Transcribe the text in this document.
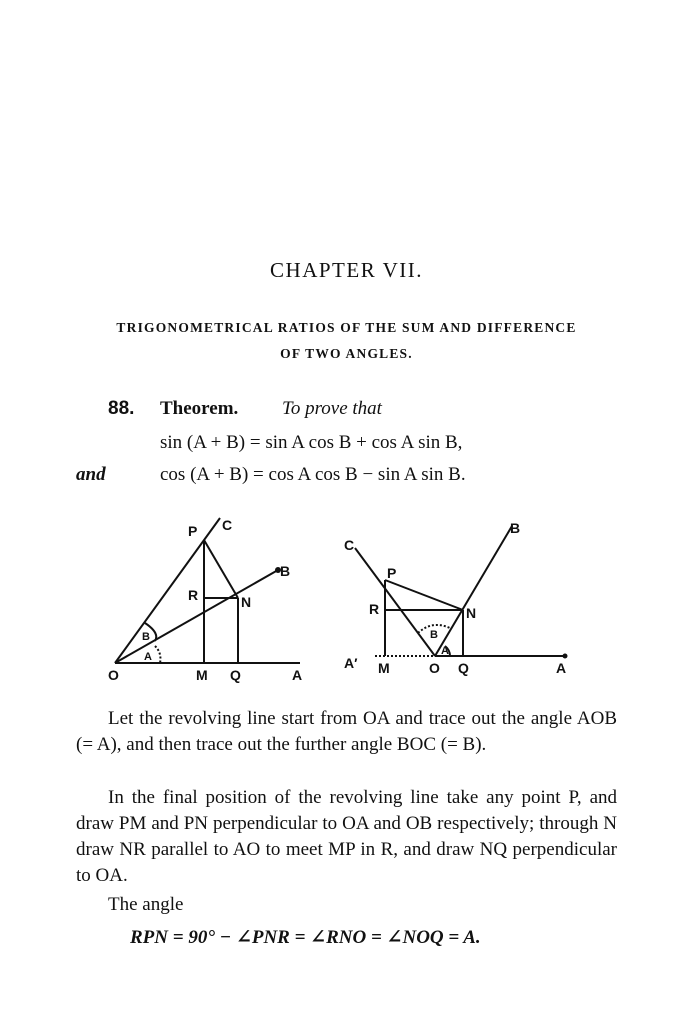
CHAPTER VII.
TRIGONOMETRICAL RATIOS OF THE SUM AND DIFFERENCE
OF TWO ANGLES.
88. Theorem. To prove that
sin (A + B) = sin A cos B + cos A sin B,
and	cos (A + B) = cos A cos B − sin A sin B.
P C
B
R	N
B
A
O	M Q	A
C
B
P
R	N
B
A
A′ M	O Q	A
Let the revolving line start from OA and trace out the angle AOB (= A), and then trace out the further angle BOC (= B).
In the final position of the revolving line take any point P, and draw PM and PN perpendicular to OA and OB respectively; through N draw NR parallel to AO to meet MP in R, and draw NQ perpendicular to OA.
The angle
RPN = 90° − ∠PNR = ∠RNO = ∠NOQ = A.
